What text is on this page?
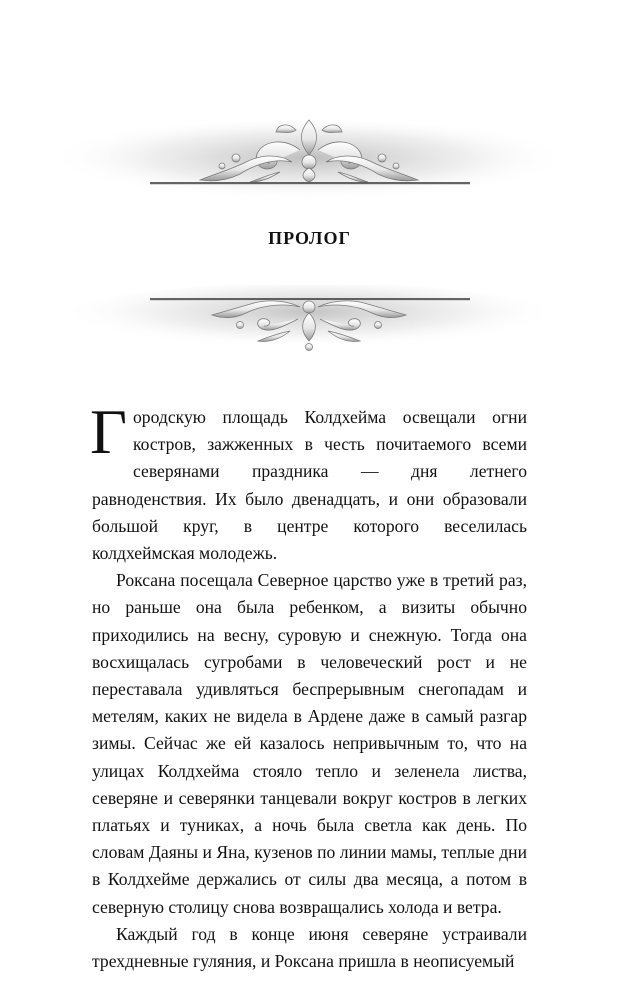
ПРОЛОГ

Городскую площадь Колдхейма освещали огни костров, зажженных в честь почитаемого всеми северянами праздника — дня летнего равноденствия. Их было двенадцать, и они образовали большой круг, в центре которого веселилась колдхеймская молодежь.

Роксана посещала Северное царство уже в третий раз, но раньше она была ребенком, а визиты обычно приходились на весну, суровую и снежную. Тогда она восхищалась сугробами в человеческий рост и не переставала удивляться беспрерывным снегопадам и метелям, каких не видела в Ардене даже в самый разгар зимы. Сейчас же ей казалось непривычным то, что на улицах Колдхейма стояло тепло и зеленела листва, северяне и северянки танцевали вокруг костров в легких платьях и туниках, а ночь была светла как день. По словам Даяны и Яна, кузенов по линии мамы, теплые дни в Колдхейме держались от силы два месяца, а потом в северную столицу снова возвращались холода и ветра.

Каждый год в конце июня северяне устраивали трехдневные гуляния, и Роксана пришла в неописуемый
